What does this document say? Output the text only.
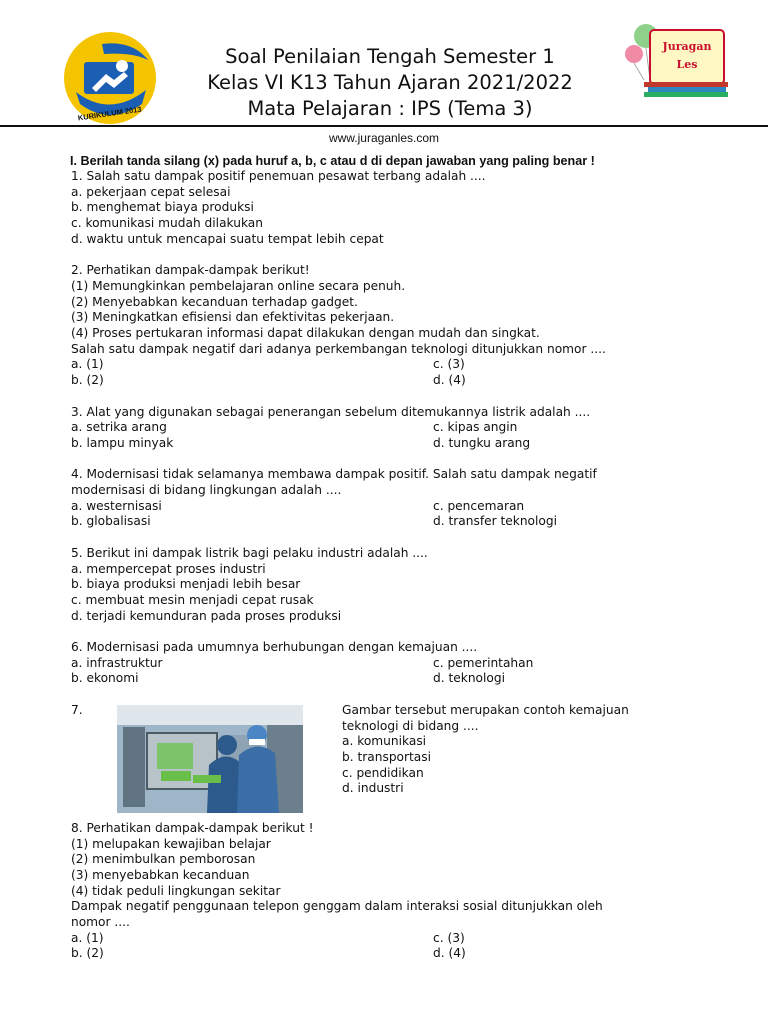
KURIKULUM 2013
Soal Penilaian Tengah Semester 1
Kelas VI K13 Tahun Ajaran 2021/2022
Mata Pelajaran : IPS (Tema 3)
Juragan
Les
www.juraganles.com
I. Berilah tanda silang (x) pada huruf a, b, c atau d di depan jawaban yang paling benar !
1. Salah satu dampak positif penemuan pesawat terbang adalah ....
a. pekerjaan cepat selesai
b. menghemat biaya produksi
c. komunikasi mudah dilakukan
d. waktu untuk mencapai suatu tempat lebih cepat
2. Perhatikan dampak-dampak berikut!
(1) Memungkinkan pembelajaran online secara penuh.
(2) Menyebabkan kecanduan terhadap gadget.
(3) Meningkatkan efisiensi dan efektivitas pekerjaan.
(4) Proses pertukaran informasi dapat dilakukan dengan mudah dan singkat.
Salah satu dampak negatif dari adanya perkembangan teknologi ditunjukkan nomor ....
a. (1)	c. (3)
b. (2)	d. (4)
3. Alat yang digunakan sebagai penerangan sebelum ditemukannya listrik adalah ....
a. setrika arang	c. kipas angin
b. lampu minyak	d. tungku arang
4. Modernisasi tidak selamanya membawa dampak positif. Salah satu dampak negatif
modernisasi di bidang lingkungan adalah ....
a. westernisasi	c. pencemaran
b. globalisasi	d. transfer teknologi
5. Berikut ini dampak listrik bagi pelaku industri adalah ....
a. mempercepat proses industri
b. biaya produksi menjadi lebih besar
c. membuat mesin menjadi cepat rusak
d. terjadi kemunduran pada proses produksi
6. Modernisasi pada umumnya berhubungan dengan kemajuan ....
a. infrastruktur	c. pemerintahan
b. ekonomi	d. teknologi
7.	Gambar tersebut merupakan contoh kemajuan
teknologi di bidang ....
a. komunikasi
b. transportasi
c. pendidikan
d. industri
8. Perhatikan dampak-dampak berikut !
(1) melupakan kewajiban belajar
(2) menimbulkan pemborosan
(3) menyebabkan kecanduan
(4) tidak peduli lingkungan sekitar
Dampak negatif penggunaan telepon genggam dalam interaksi sosial ditunjukkan oleh
nomor ....
a. (1)	c. (3)
b. (2)	d. (4)
